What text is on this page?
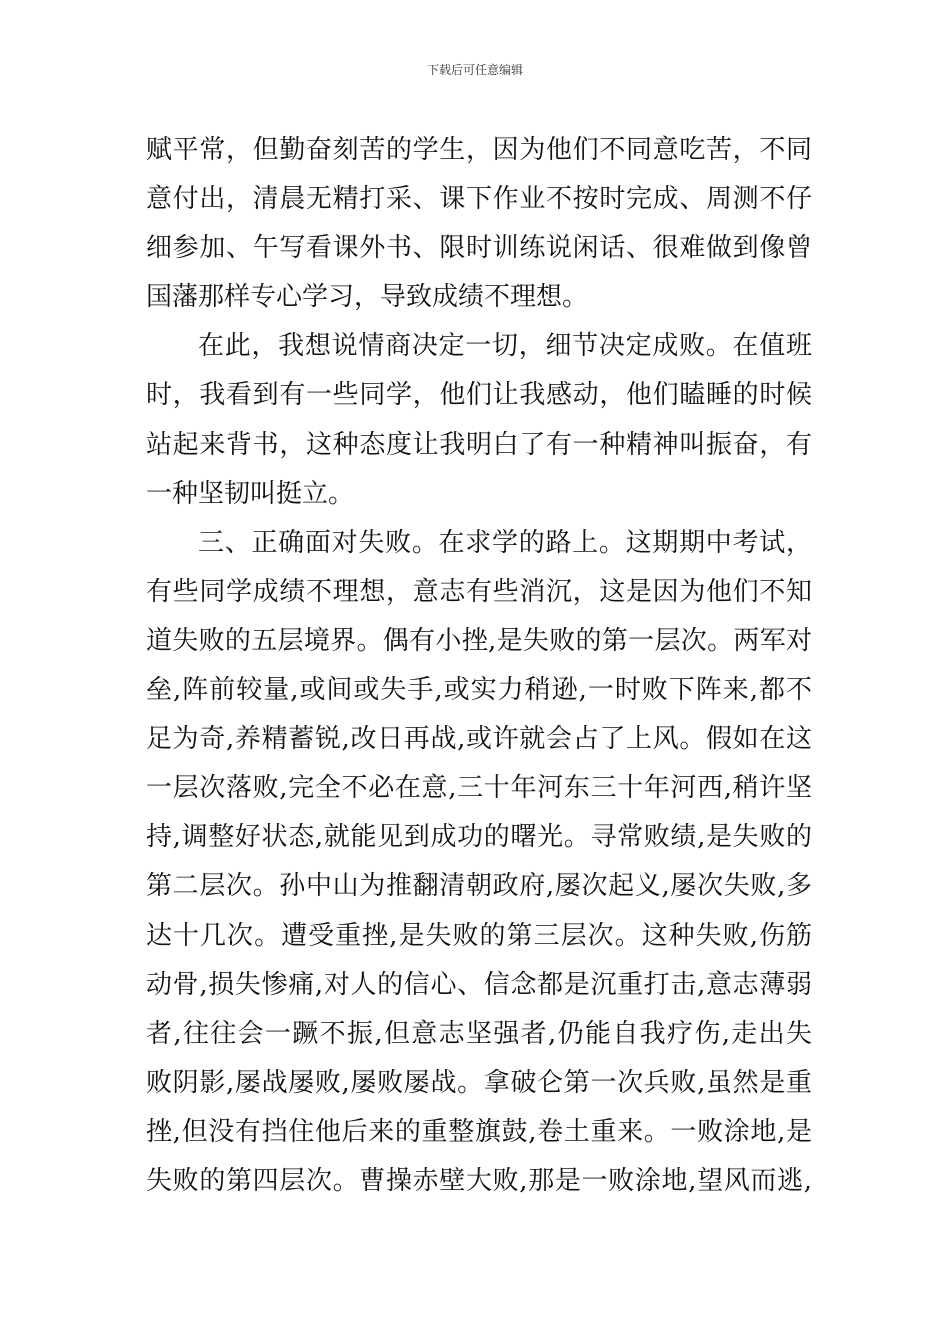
下载后可任意编辑
赋平常，但勤奋刻苦的学生，因为他们不同意吃苦，不同
意付出，清晨无精打采、课下作业不按时完成、周测不仔
细参加、午写看课外书、限时训练说闲话、很难做到像曾
国藩那样专心学习，导致成绩不理想。
在此，我想说情商决定一切，细节决定成败。在值班
时，我看到有一些同学，他们让我感动，他们瞌睡的时候
站起来背书，这种态度让我明白了有一种精神叫振奋，有
一种坚韧叫挺立。
三、正确面对失败。在求学的路上。这期期中考试，
有些同学成绩不理想，意志有些消沉，这是因为他们不知
道失败的五层境界。偶有小挫,是失败的第一层次。两军对
垒,阵前较量,或间或失手,或实力稍逊,一时败下阵来,都不
足为奇,养精蓄锐,改日再战,或许就会占了上风。假如在这
一层次落败,完全不必在意,三十年河东三十年河西,稍许坚
持,调整好状态,就能见到成功的曙光。寻常败绩,是失败的
第二层次。孙中山为推翻清朝政府,屡次起义,屡次失败,多
达十几次。遭受重挫,是失败的第三层次。这种失败,伤筋
动骨,损失惨痛,对人的信心、信念都是沉重打击,意志薄弱
者,往往会一蹶不振,但意志坚强者,仍能自我疗伤,走出失
败阴影,屡战屡败,屡败屡战。拿破仑第一次兵败,虽然是重
挫,但没有挡住他后来的重整旗鼓,卷土重来。一败涂地,是
失败的第四层次。曹操赤壁大败,那是一败涂地,望风而逃,
